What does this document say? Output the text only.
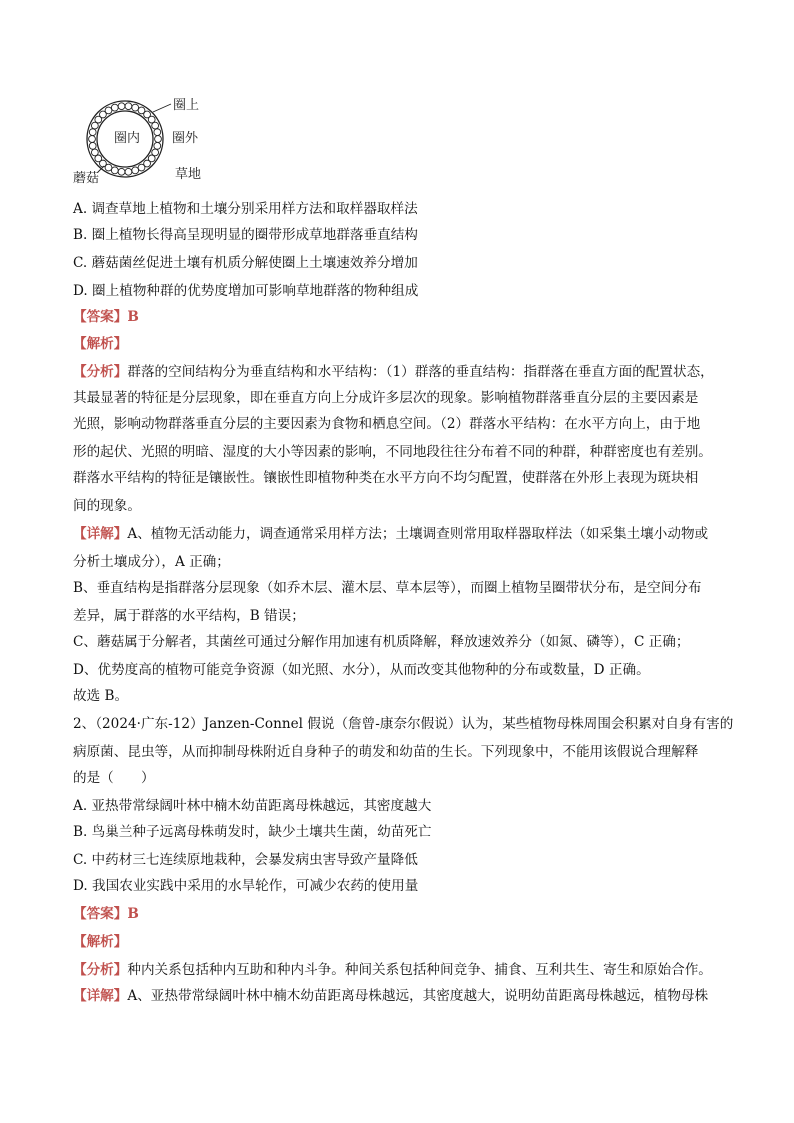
圈上
圈内 圈外
蘑菇	草地
A. 调查草地上植物和土壤分别采用样方法和取样器取样法
B. 圈上植物长得高呈现明显的圈带形成草地群落垂直结构
C. 蘑菇菌丝促进土壤有机质分解使圈上土壤速效养分增加
D. 圈上植物种群的优势度增加可影响草地群落的物种组成
【答案】B
【解析】
【分析】群落的空间结构分为垂直结构和水平结构：（1）群落的垂直结构：指群落在垂直方面的配置状态，
其最显著的特征是分层现象，即在垂直方向上分成许多层次的现象。影响植物群落垂直分层的主要因素是
光照，影响动物群落垂直分层的主要因素为食物和栖息空间。（2）群落水平结构：在水平方向上，由于地
形的起伏、光照的明暗、湿度的大小等因素的影响，不同地段往往分布着不同的种群，种群密度也有差别。
群落水平结构的特征是镶嵌性。镶嵌性即植物种类在水平方向不均匀配置，使群落在外形上表现为斑块相
间的现象。
【详解】A、植物无活动能力，调查通常采用样方法；土壤调查则常用取样器取样法（如采集土壤小动物或
分析土壤成分），A 正确；
B、垂直结构是指群落分层现象（如乔木层、灌木层、草本层等），而圈上植物呈圈带状分布，是空间分布
差异，属于群落的水平结构，B 错误；
C、蘑菇属于分解者，其菌丝可通过分解作用加速有机质降解，释放速效养分（如氮、磷等），C 正确；
D、优势度高的植物可能竞争资源（如光照、水分），从而改变其他物种的分布或数量，D 正确。
故选 B。
2、（2024·广东-12）Janzen-Connel 假说（詹曾-康奈尔假说）认为，某些植物母株周围会积累对自身有害的
病原菌、昆虫等，从而抑制母株附近自身种子的萌发和幼苗的生长。下列现象中，不能用该假说合理解释
的是（　　）
A. 亚热带常绿阔叶林中楠木幼苗距离母株越远，其密度越大
B. 鸟巢兰种子远离母株萌发时，缺少土壤共生菌，幼苗死亡
C. 中药材三七连续原地栽种，会暴发病虫害导致产量降低
D. 我国农业实践中采用的水旱轮作，可减少农药的使用量
【答案】B
【解析】
【分析】种内关系包括种内互助和种内斗争。种间关系包括种间竞争、捕食、互利共生、寄生和原始合作。
【详解】A、亚热带常绿阔叶林中楠木幼苗距离母株越远，其密度越大，说明幼苗距离母株越远，植物母株
